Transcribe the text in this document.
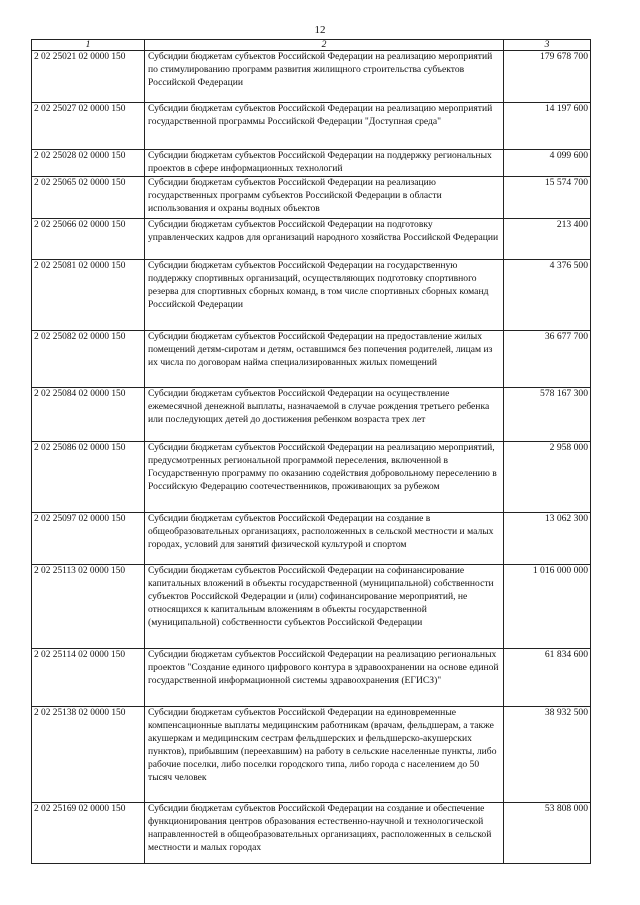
12
1	2	3
2 02 25021 02 0000 150	Субсидии бюджетам субъектов Российской Федерации на реализацию мероприятий по стимулированию программ развития жилищного строительства субъектов Российской Федерации	179 678 700
2 02 25027 02 0000 150	Субсидии бюджетам субъектов Российской Федерации на реализацию мероприятий государственной программы Российской Федерации "Доступная среда"	14 197 600
2 02 25028 02 0000 150	Субсидии бюджетам субъектов Российской Федерации на поддержку региональных проектов в сфере информационных технологий	4 099 600
2 02 25065 02 0000 150	Субсидии бюджетам субъектов Российской Федерации на реализацию государственных программ субъектов Российской Федерации в области использования и охраны водных объектов	15 574 700
2 02 25066 02 0000 150	Субсидии бюджетам субъектов Российской Федерации на подготовку управленческих кадров для организаций народного хозяйства Российской Федерации	213 400
2 02 25081 02 0000 150	Субсидии бюджетам субъектов Российской Федерации на государственную поддержку спортивных организаций, осуществляющих подготовку спортивного резерва для спортивных сборных команд, в том числе спортивных сборных команд Российской Федерации	4 376 500
2 02 25082 02 0000 150	Субсидии бюджетам субъектов Российской Федерации на предоставление жилых помещений детям-сиротам и детям, оставшимся без попечения родителей, лицам из их числа по договорам найма специализированных жилых помещений	36 677 700
2 02 25084 02 0000 150	Субсидии бюджетам субъектов Российской Федерации на осуществление ежемесячной денежной выплаты, назначаемой в случае рождения третьего ребенка или последующих детей до достижения ребенком возраста трех лет	578 167 300
2 02 25086 02 0000 150	Субсидии бюджетам субъектов Российской Федерации на реализацию мероприятий, предусмотренных региональной программой переселения, включенной в Государственную программу по оказанию содействия добровольному переселению в Российскую Федерацию соотечественников, проживающих за рубежом	2 958 000
2 02 25097 02 0000 150	Субсидии бюджетам субъектов Российской Федерации на создание в общеобразовательных организациях, расположенных в сельской местности и малых городах, условий для занятий физической культурой и спортом	13 062 300
2 02 25113 02 0000 150	Субсидии бюджетам субъектов Российской Федерации на софинансирование капитальных вложений в объекты государственной (муниципальной) собственности субъектов Российской Федерации и (или) софинансирование мероприятий, не относящихся к капитальным вложениям в объекты государственной (муниципальной) собственности субъектов Российской Федерации	1 016 000 000
2 02 25114 02 0000 150	Субсидии бюджетам субъектов Российской Федерации на реализацию региональных проектов "Создание единого цифрового контура в здравоохранении на основе единой государственной информационной системы здравоохранения (ЕГИСЗ)"	61 834 600
2 02 25138 02 0000 150	Субсидии бюджетам субъектов Российской Федерации на единовременные компенсационные выплаты медицинским работникам (врачам, фельдшерам, а также акушеркам и медицинским сестрам фельдшерских и фельдшерско-акушерских пунктов), прибывшим (переехавшим) на работу в сельские населенные пункты, либо рабочие поселки, либо поселки городского типа, либо города с населением до 50 тысяч человек	38 932 500
2 02 25169 02 0000 150	Субсидии бюджетам субъектов Российской Федерации на создание и обеспечение функционирования центров образования естественно-научной и технологической направленностей в общеобразовательных организациях, расположенных в сельской местности и малых городах	53 808 000
